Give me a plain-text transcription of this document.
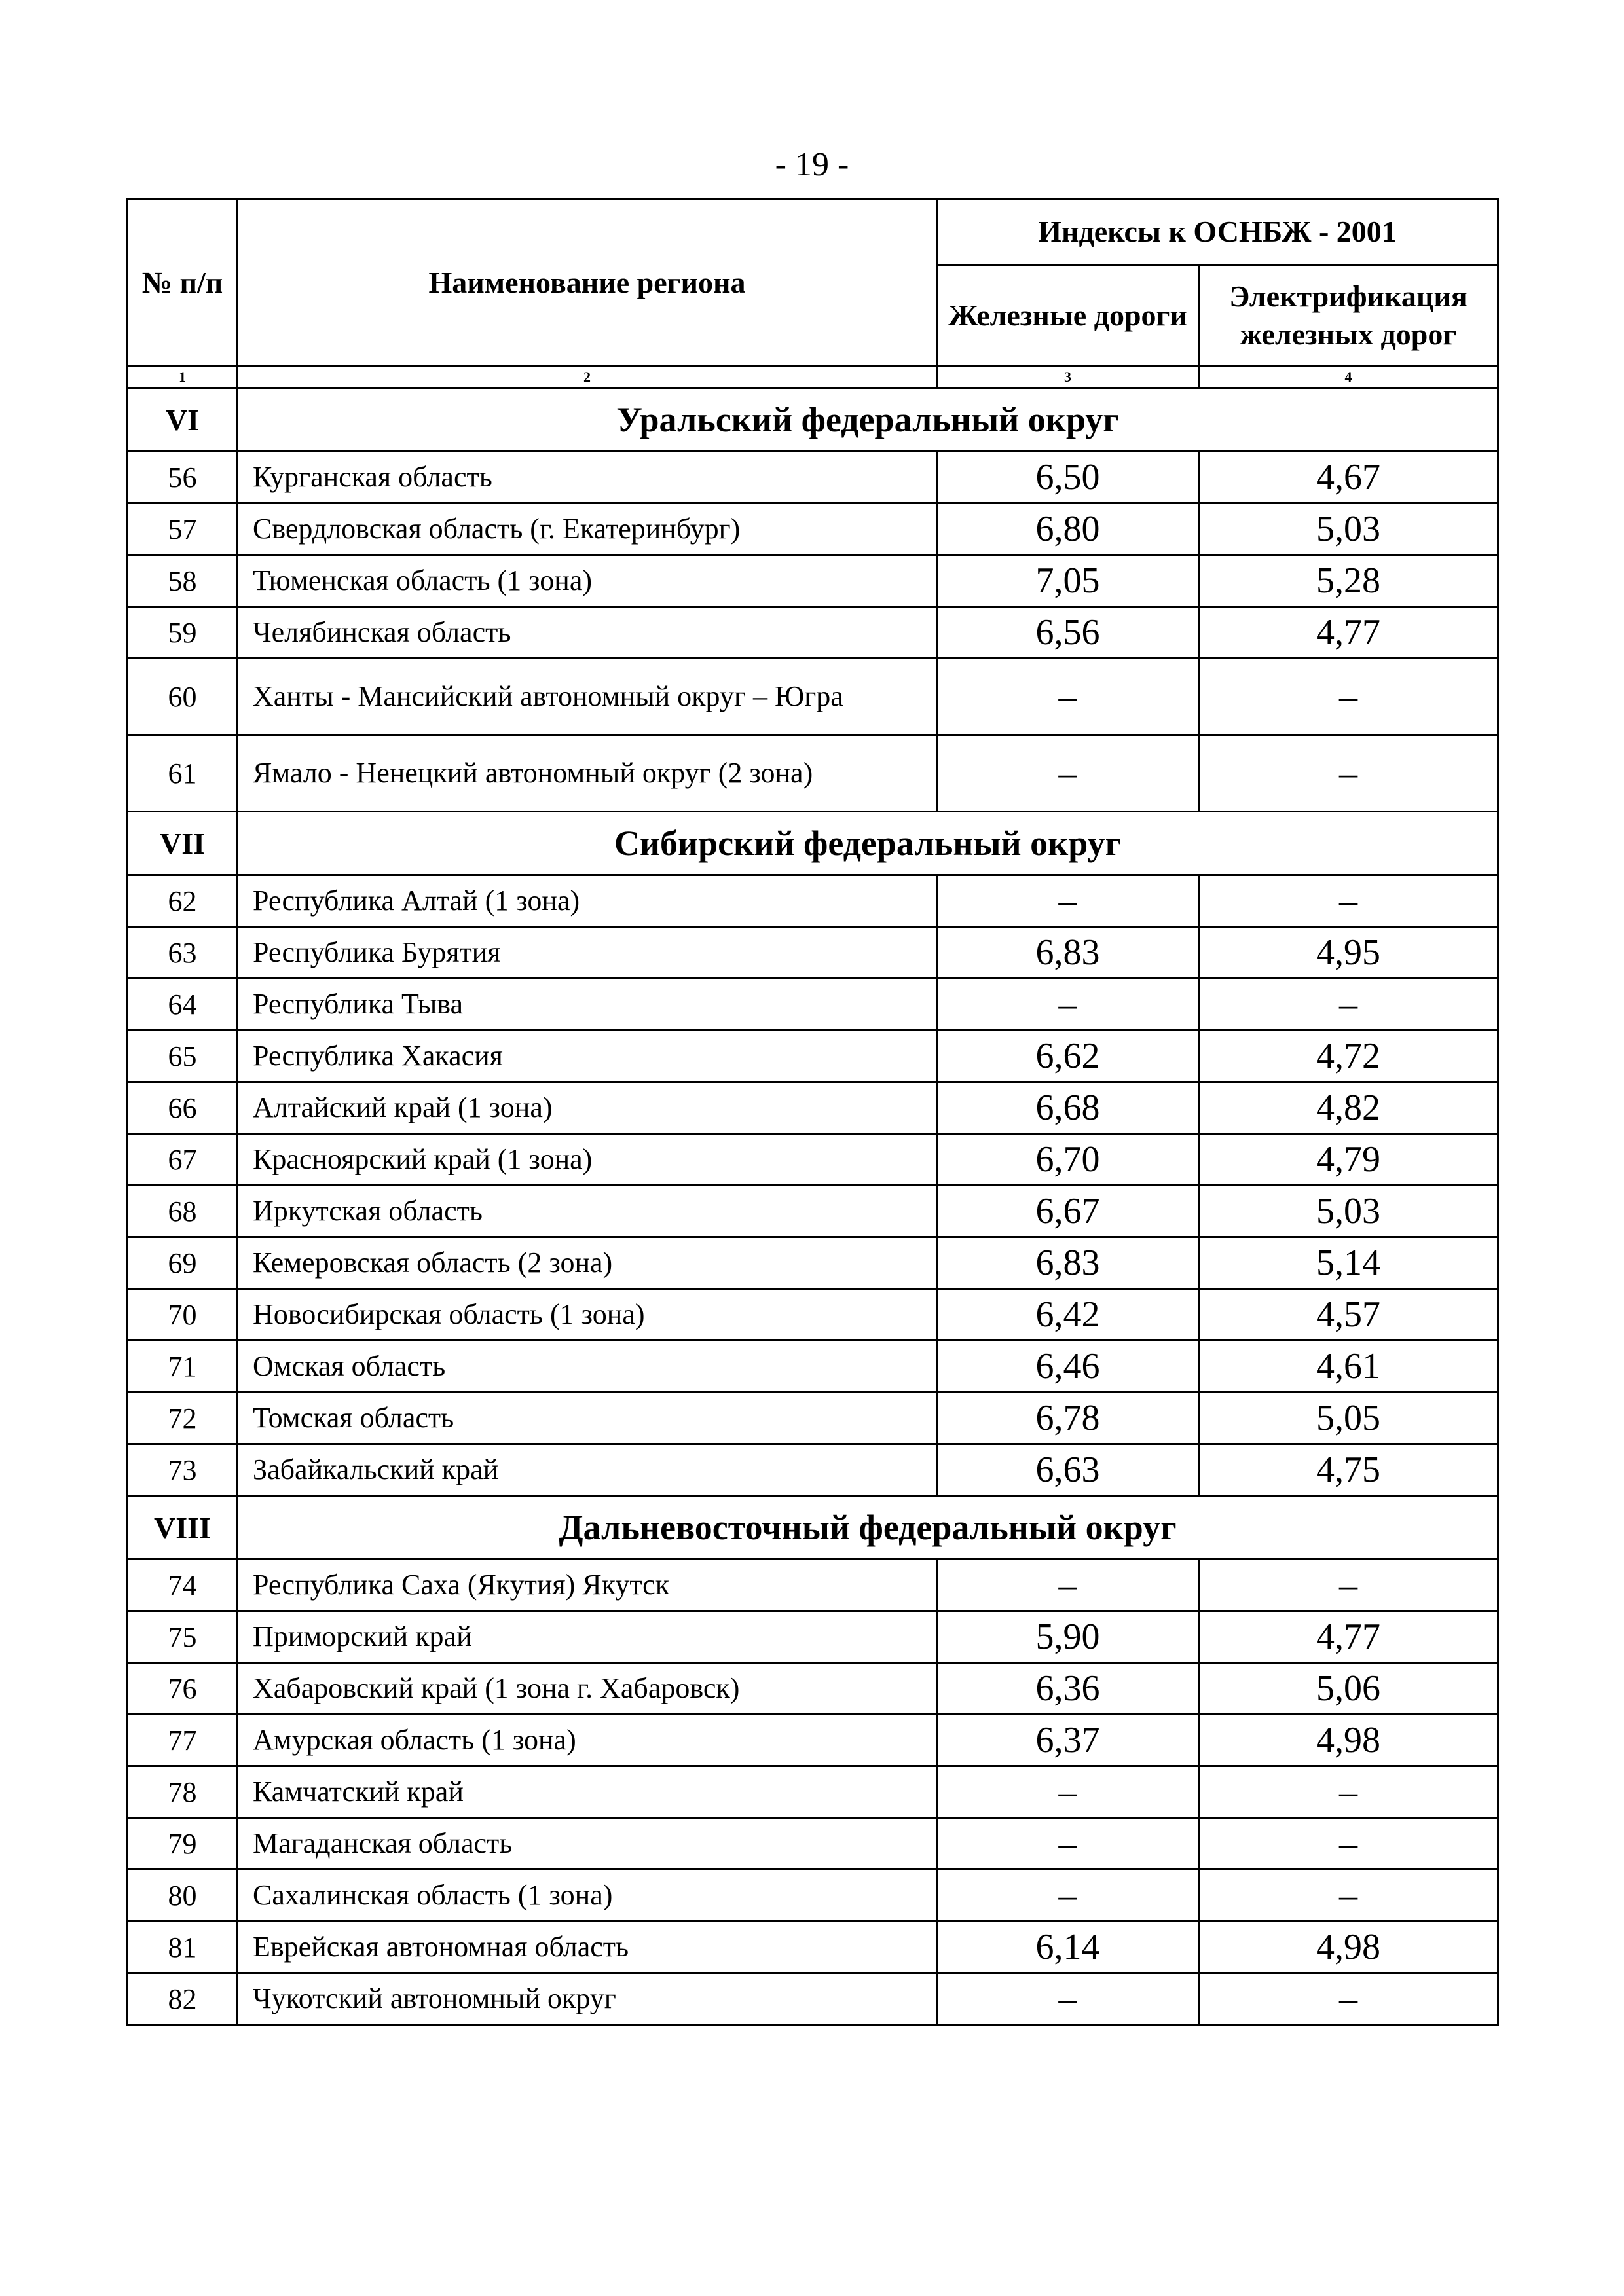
- 19 -
№ п/п	Наименование региона	Индексы к ОСНБЖ - 2001	
		Железные дороги	Электрификация железных дорог
1	2	3	4
VI	Уральский федеральный округ		
56	Курганская область	6,50	4,67
57	Свердловская область (г. Екатеринбург)	6,80	5,03
58	Тюменская область (1 зона)	7,05	5,28
59	Челябинская область	6,56	4,77
60	Ханты - Мансийский автономный округ – Югра	–	–
61	Ямало - Ненецкий автономный округ (2 зона)	–	–
VII	Сибирский федеральный округ		
62	Республика Алтай (1 зона)	–	–
63	Республика Бурятия	6,83	4,95
64	Республика Тыва	–	–
65	Республика Хакасия	6,62	4,72
66	Алтайский край (1 зона)	6,68	4,82
67	Красноярский край (1 зона)	6,70	4,79
68	Иркутская область	6,67	5,03
69	Кемеровская область (2 зона)	6,83	5,14
70	Новосибирская область (1 зона)	6,42	4,57
71	Омская область	6,46	4,61
72	Томская область	6,78	5,05
73	Забайкальский край	6,63	4,75
VIII	Дальневосточный федеральный округ		
74	Республика Саха (Якутия) Якутск	–	–
75	Приморский край	5,90	4,77
76	Хабаровский край (1 зона г. Хабаровск)	6,36	5,06
77	Амурская область (1 зона)	6,37	4,98
78	Камчатский край	–	–
79	Магаданская область	–	–
80	Сахалинская область (1 зона)	–	–
81	Еврейская автономная область	6,14	4,98
82	Чукотский автономный округ	–	–
